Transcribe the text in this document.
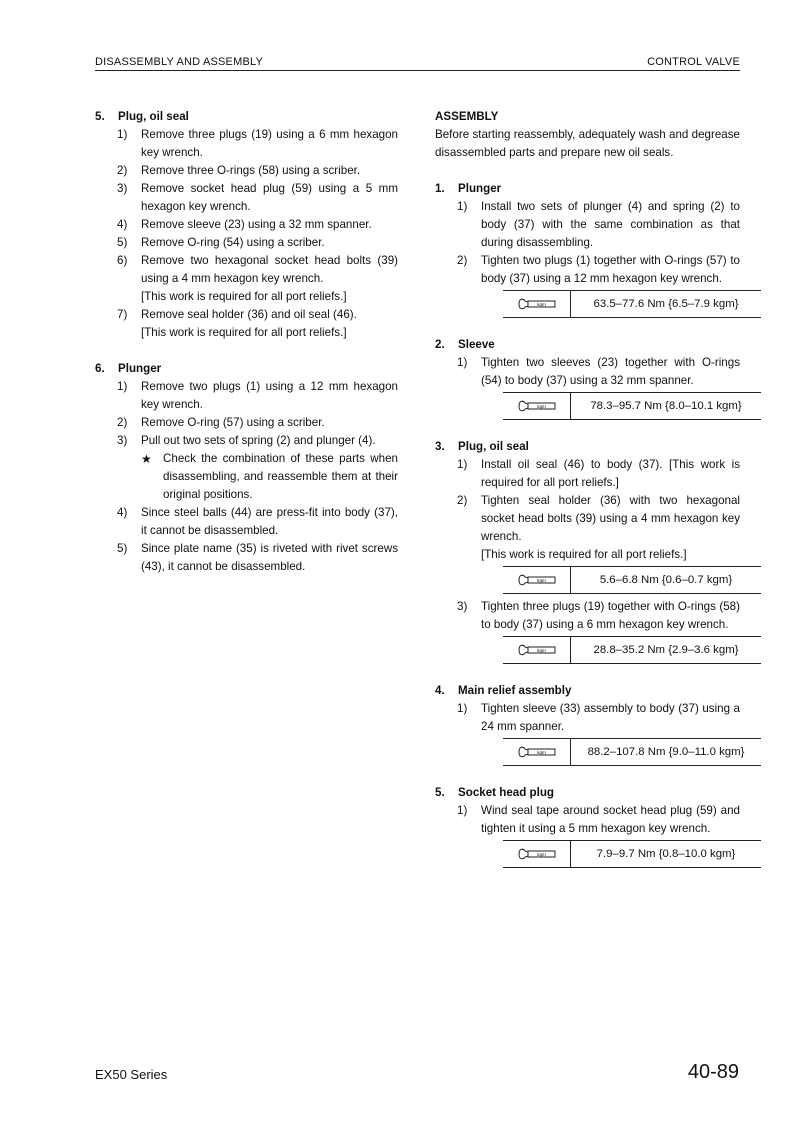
DISASSEMBLY AND ASSEMBLY	CONTROL VALVE
5. Plug, oil seal
1) Remove three plugs (19) using a 6 mm hexagon key wrench.
2) Remove three O-rings (58) using a scriber.
3) Remove socket head plug (59) using a 5 mm hexagon key wrench.
4) Remove sleeve (23) using a 32 mm spanner.
5) Remove O-ring (54) using a scriber.
6) Remove two hexagonal socket head bolts (39) using a 4 mm hexagon key wrench.
[This work is required for all port reliefs.]
7) Remove seal holder (36) and oil seal (46).
[This work is required for all port reliefs.]
6. Plunger
1) Remove two plugs (1) using a 12 mm hexagon key wrench.
2) Remove O-ring (57) using a scriber.
3) Pull out two sets of spring (2) and plunger (4).
★ Check the combination of these parts when disassembling, and reassemble them at their original positions.
4) Since steel balls (44) are press-fit into body (37), it cannot be disassembled.
5) Since plate name (35) is riveted with rivet screws (43), it cannot be disassembled.
ASSEMBLY
Before starting reassembly, adequately wash and degrease disassembled parts and prepare new oil seals.
1. Plunger
1) Install two sets of plunger (4) and spring (2) to body (37) with the same combination as that during disassembling.
2) Tighten two plugs (1) together with O-rings (57) to body (37) using a 12 mm hexagon key wrench.
kgm	63.5–77.6 Nm {6.5–7.9 kgm}
2. Sleeve
1) Tighten two sleeves (23) together with O-rings (54) to body (37) using a 32 mm spanner.
kgm	78.3–95.7 Nm {8.0–10.1 kgm}
3. Plug, oil seal
1) Install oil seal (46) to body (37). [This work is required for all port reliefs.]
2) Tighten seal holder (36) with two hexagonal socket head bolts (39) using a 4 mm hexagon key wrench.
[This work is required for all port reliefs.]
kgm	5.6–6.8 Nm {0.6–0.7 kgm}
3) Tighten three plugs (19) together with O-rings (58) to body (37) using a 6 mm hexagon key wrench.
kgm	28.8–35.2 Nm {2.9–3.6 kgm}
4. Main relief assembly
1) Tighten sleeve (33) assembly to body (37) using a 24 mm spanner.
kgm	88.2–107.8 Nm {9.0–11.0 kgm}
5. Socket head plug
1) Wind seal tape around socket head plug (59) and tighten it using a 5 mm hexagon key wrench.
kgm	7.9–9.7 Nm {0.8–10.0 kgm}
EX50 Series	40-89
